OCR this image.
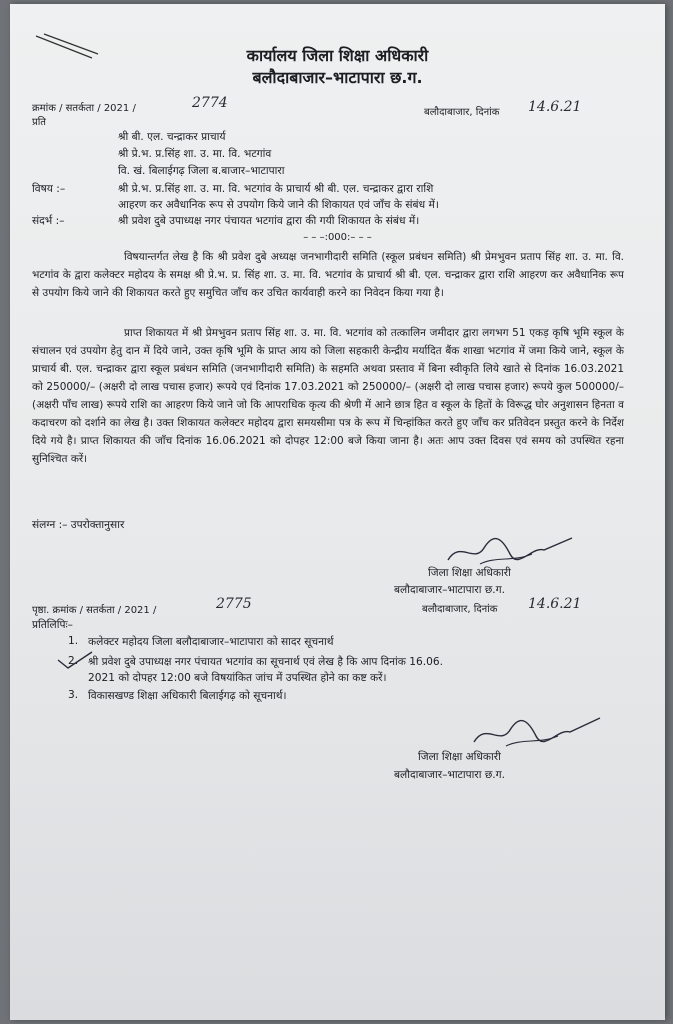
कार्यालय जिला शिक्षा अधिकारी
बलौदाबाजार–भाटापारा छ.ग.
क्रमांक / सतर्कता / 2021 /	2774
प्रति
बलौदाबाजार, दिनांक 14.6.21
श्री बी. एल. चन्द्राकर प्राचार्य
श्री प्रे.भ. प्र.सिंह शा. उ. मा. वि. भटगांव
वि. खं. बिलाईगढ़ जिला ब.बाजार–भाटापारा
विषय :–	श्री प्रे.भ. प्र.सिंह शा. उ. मा. वि. भटगांव के प्राचार्य श्री बी. एल. चन्द्राकर द्वारा राशि
आहरण कर अवैधानिक रूप से उपयोग किये जाने की शिकायत एवं जाँच के संबंध में।
संदर्भ :–	श्री प्रवेश दुबे उपाध्यक्ष नगर पंचायत भटगांव द्वारा की गयी शिकायत के संबंध में।
– – –:000:– – –

विषयान्तर्गत लेख है कि श्री प्रवेश दुबे अध्यक्ष जनभागीदारी समिति (स्कूल प्रबंधन समिति) श्री प्रेमभुवन प्रताप सिंह शा. उ. मा. वि. भटगांव के द्वारा कलेक्टर महोदय के समक्ष श्री प्रे.भ. प्र. सिंह शा. उ. मा. वि. भटगांव के प्राचार्य श्री बी. एल. चन्द्राकर द्वारा राशि आहरण कर अवैधानिक रूप से उपयोग किये जाने की शिकायत करते हुए समुचित जाँच कर उचित कार्यवाही करने का निवेदन किया गया है।

प्राप्त शिकायत में श्री प्रेमभुवन प्रताप सिंह शा. उ. मा. वि. भटगांव को तत्कालिन जमीदार द्वारा लगभग 51 एकड़ कृषि भूमि स्कूल के संचालन एवं उपयोग हेतु दान में दिये जाने, उक्त कृषि भूमि के प्राप्त आय को जिला सहकारी केन्द्रीय मर्यादित बैंक शाखा भटगांव में जमा किये जाने, स्कूल के प्राचार्य बी. एल. चन्द्राकर द्वारा स्कूल प्रबंधन समिति (जनभागीदारी समिति) के सहमति अथवा प्रस्ताव में बिना स्वीकृति लिये खाते से दिनांक 16.03.2021 को 250000/– (अक्षरी दो लाख पचास हजार) रूपये एवं दिनांक 17.03.2021 को 250000/– (अक्षरी दो लाख पचास हजार) रूपये कुल 500000/– (अक्षरी पाँच लाख) रूपये राशि का आहरण किये जाने जो कि आपराधिक कृत्य की श्रेणी में आने छात्र हित व स्कूल के हितों के विरूद्ध घोर अनुशासन हिनता व कदाचरण को दर्शाने का लेख है। उक्त शिकायत कलेक्टर महोदय द्वारा समयसीमा पत्र के रूप में चिन्हांकित करते हुए जाँच कर प्रतिवेदन प्रस्तुत करने के निर्देश दिये गये है। प्राप्त शिकायत की जाँच दिनांक 16.06.2021 को दोपहर 12:00 बजे किया जाना है। अतः आप उक्त दिवस एवं समय को उपस्थित रहना सुनिश्चित करें।

संलग्न :– उपरोक्तानुसार
जिला शिक्षा अधिकारी
बलौदाबाजार–भाटापारा छ.ग.
पृष्ठा. क्रमांक / सतर्कता / 2021 /	2775	बलौदाबाजार, दिनांक 14.6.21
प्रतिलिपिः–
1. कलेक्टर महोदय जिला बलौदाबाजार–भाटापारा को सादर सूचनार्थ
2. श्री प्रवेश दुबे उपाध्यक्ष नगर पंचायत भटगांव का सूचनार्थ एवं लेख है कि आप दिनांक 16.06.
2021 को दोपहर 12:00 बजे विषयांकित जांच में उपस्थित होने का कष्ट करें।
3. विकासखण्ड शिक्षा अधिकारी बिलाईगढ़ को सूचनार्थ।
जिला शिक्षा अधिकारी
बलौदाबाजार–भाटापारा छ.ग.
